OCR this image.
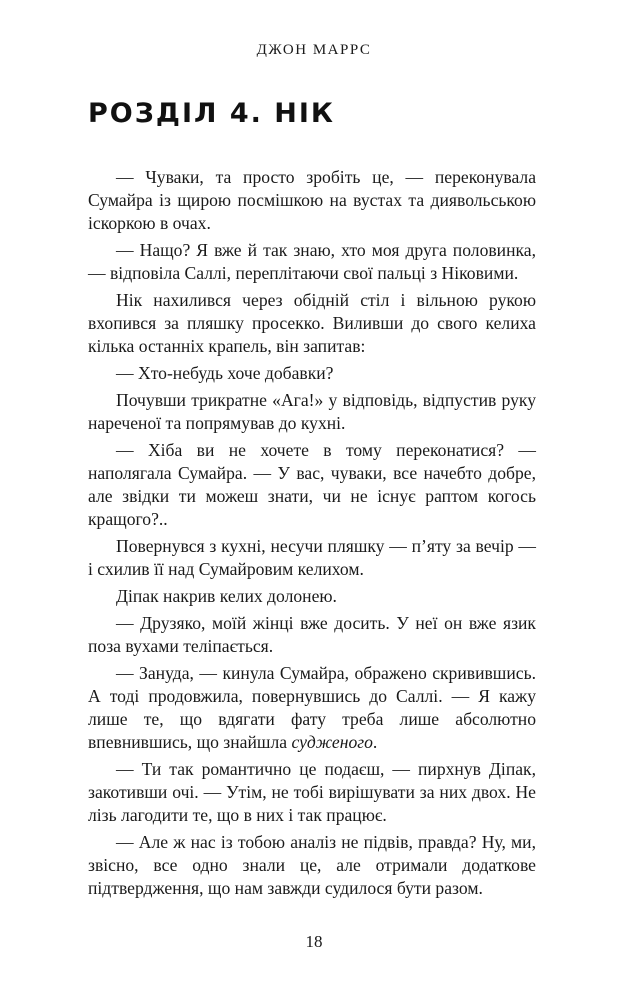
ДЖОН МАРРС
РОЗДІЛ 4. НІК

— Чуваки, та просто зробіть це, — переконувала Сумайра із щирою посмішкою на вустах та диявольською іскоркою в очах.

— Нащо? Я вже й так знаю, хто моя друга половинка, — відповіла Саллі, переплітаючи свої пальці з Ніковими.

Нік нахилився через обідній стіл і вільною рукою вхопився за пляшку просекко. Виливши до свого келиха кілька останніх крапель, він запитав:

— Хто-небудь хоче добавки?

Почувши трикратне «Ага!» у відповідь, відпустив руку нареченої та попрямував до кухні.

— Хіба ви не хочете в тому переконатися? — наполягала Сумайра. — У вас, чуваки, все начебто добре, але звідки ти можеш знати, чи не існує раптом когось кращого?..

Повернувся з кухні, несучи пляшку — п’яту за вечір — і схилив її над Сумайровим келихом.

Діпак накрив келих долонею.

— Друзяко, моїй жінці вже досить. У неї он вже язик поза вухами теліпається.

— Зануда, — кинула Сумайра, ображено скривившись. А тоді продовжила, повернувшись до Саллі. — Я кажу лише те, що вдягати фату треба лише абсолютно впевнившись, що знайшла судженого.

— Ти так романтично це подаєш, — пирхнув Діпак, закотивши очі. — Утім, не тобі вирішувати за них двох. Не лізь лагодити те, що в них і так працює.

— Але ж нас із тобою аналіз не підвів, правда? Ну, ми, звісно, все одно знали це, але отримали додаткове підтвердження, що нам завжди судилося бути разом.

18
